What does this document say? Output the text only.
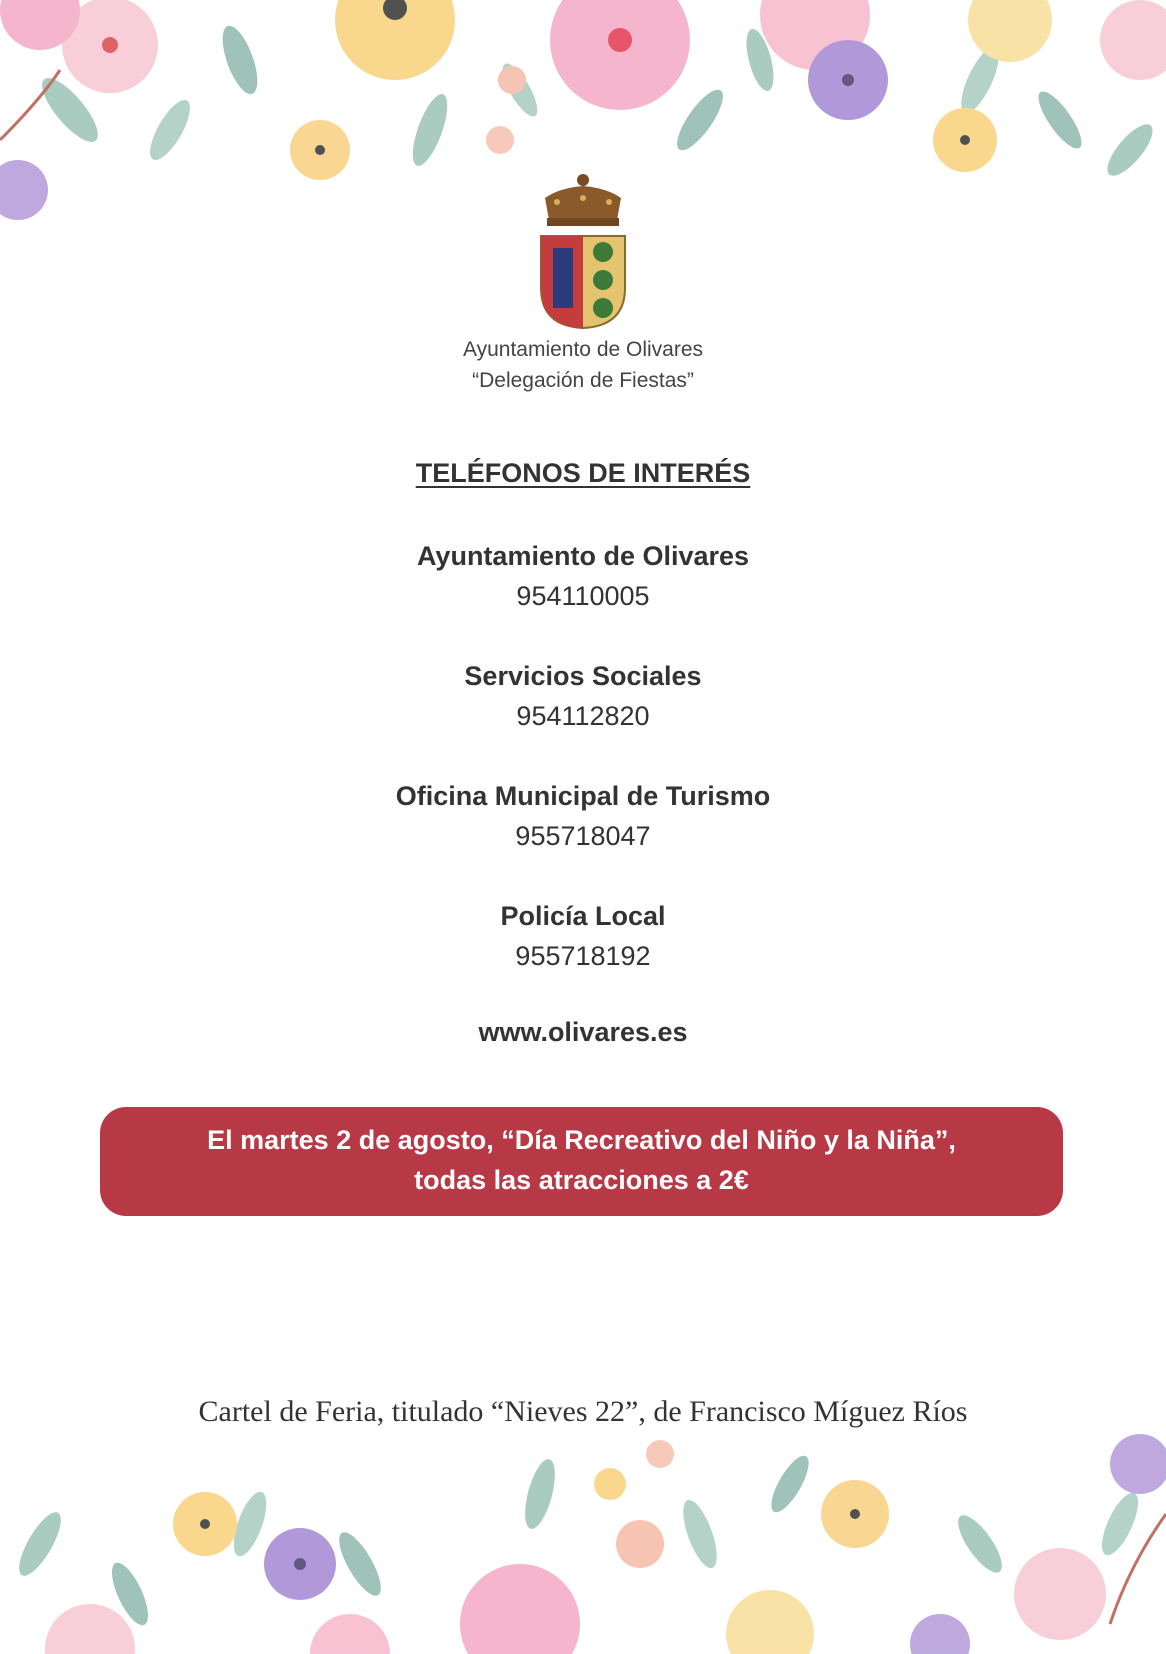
Ayuntamiento de Olivares
“Delegación de Fiestas”
TELÉFONOS DE INTERÉS
Ayuntamiento de Olivares
954110005
Servicios Sociales
954112820
Oficina Municipal de Turismo
955718047
Policía Local
955718192
www.olivares.es
El martes 2 de agosto, “Día Recreativo del Niño y la Niña”,
todas las atracciones a 2€
Cartel de Feria, titulado “Nieves 22”, de Francisco Míguez Ríos
